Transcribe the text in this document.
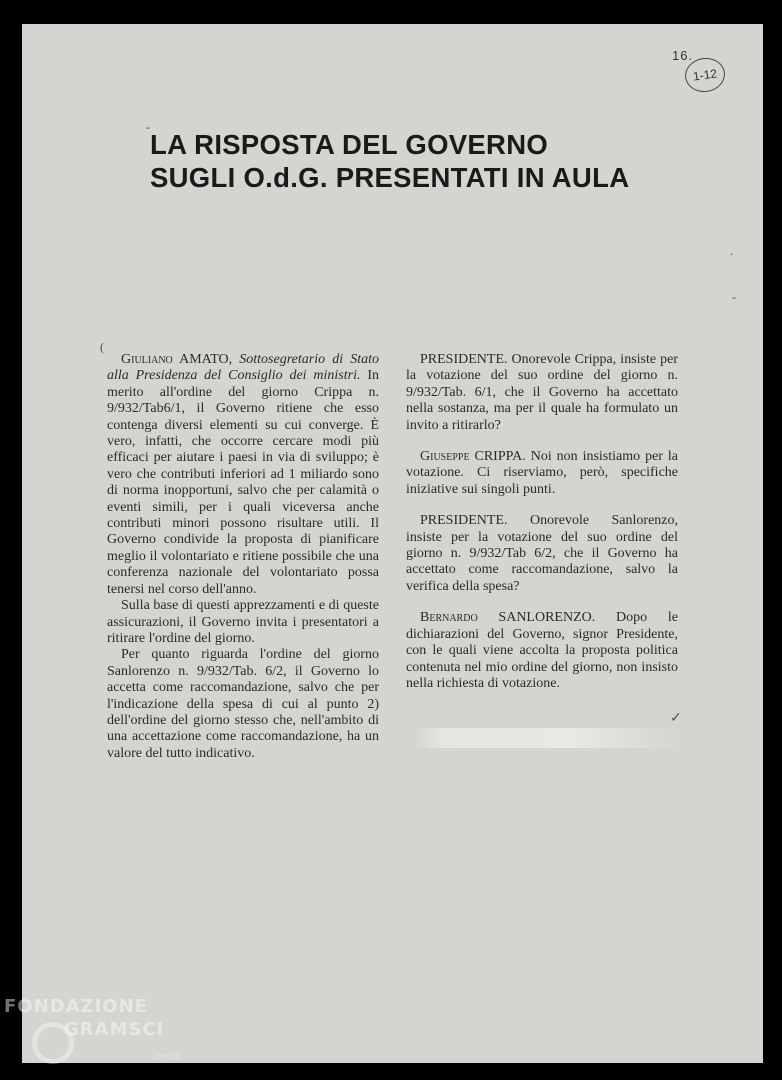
16.
1-12
-
(
.
-
LA RISPOSTA DEL GOVERNO
SUGLI O.d.G. PRESENTATI IN AULA

Giuliano AMATO, Sottosegretario di Stato alla Presidenza del Consiglio dei ministri. In merito all'ordine del giorno Crippa n. 9/932/Tab6/1, il Governo ritiene che esso contenga diversi elementi su cui converge. È vero, infatti, che occorre cercare modi più efficaci per aiutare i paesi in via di sviluppo; è vero che contributi inferiori ad 1 miliardo sono di norma inopportuni, salvo che per calamità o eventi simili, per i quali viceversa anche contributi minori possono risultare utili. Il Governo condivide la proposta di pianificare meglio il volontariato e ritiene possibile che una conferenza nazionale del volontariato possa tenersi nel corso dell'anno.

Sulla base di questi apprezzamenti e di queste assicurazioni, il Governo invita i presentatori a ritirare l'ordine del giorno.

Per quanto riguarda l'ordine del giorno Sanlorenzo n. 9/932/Tab. 6/2, il Governo lo accetta come raccomandazione, salvo che per l'indicazione della spesa di cui al punto 2) dell'ordine del giorno stesso che, nell'ambito di una accettazione come raccomandazione, ha un valore del tutto indicativo.

PRESIDENTE. Onorevole Crippa, insiste per la votazione del suo ordine del giorno n. 9/932/Tab. 6/1, che il Governo ha accettato nella sostanza, ma per il quale ha formulato un invito a ritirarlo?

Giuseppe CRIPPA. Noi non insistiamo per la votazione. Ci riserviamo, però, specifiche iniziative sui singoli punti.

PRESIDENTE. Onorevole Sanlorenzo, insiste per la votazione del suo ordine del giorno n. 9/932/Tab 6/2, che il Governo ha accettato come raccomandazione, salvo la verifica della spesa?

Bernardo SANLORENZO. Dopo le dichiarazioni del Governo, signor Presidente, con le quali viene accolta la proposta politica contenuta nel mio ordine del giorno, non insisto nella richiesta di votazione.

✓
FONDAZIONE
GRAMSCI
onlus
